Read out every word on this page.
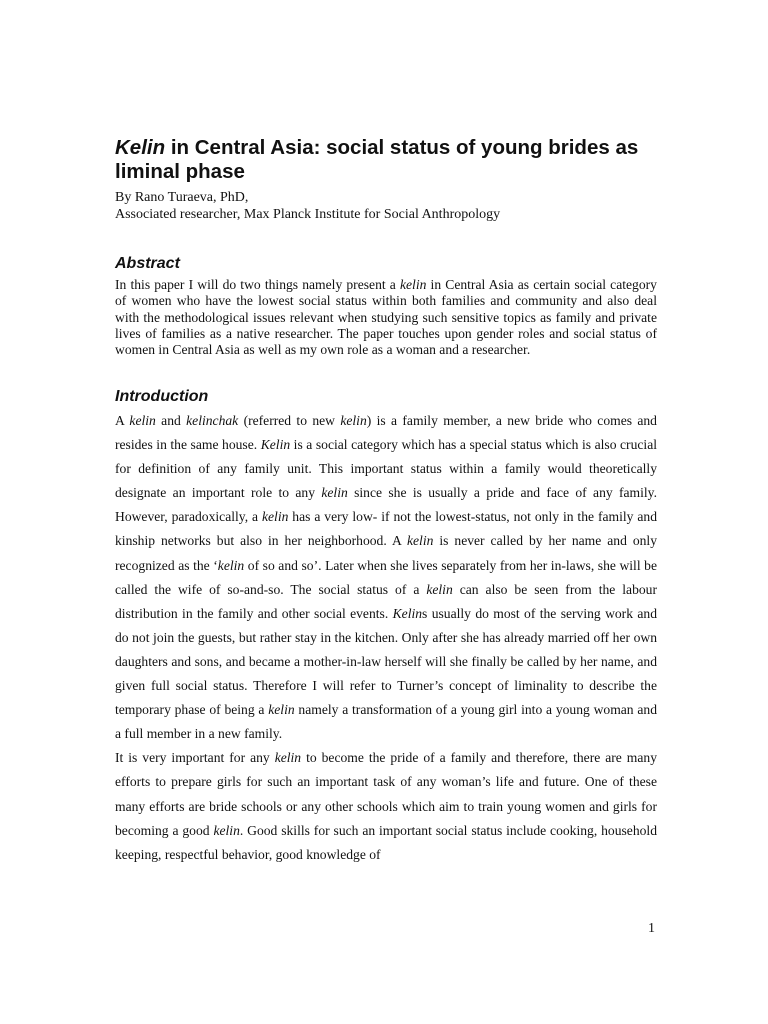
Kelin in Central Asia: social status of young brides as liminal phase
By Rano Turaeva, PhD,
Associated researcher, Max Planck Institute for Social Anthropology
Abstract
In this paper I will do two things namely present a kelin in Central Asia as certain social category of women who have the lowest social status within both families and community and also deal with the methodological issues relevant when studying such sensitive topics as family and private lives of families as a native researcher. The paper touches upon gender roles and social status of women in Central Asia as well as my own role as a woman and a researcher.
Introduction

A kelin and kelinchak (referred to new kelin) is a family member, a new bride who comes and resides in the same house. Kelin is a social category which has a special status which is also crucial for definition of any family unit. This important status within a family would theoretically designate an important role to any kelin since she is usually a pride and face of any family. However, paradoxically, a kelin has a very low- if not the lowest-status, not only in the family and kinship networks but also in her neighborhood. A kelin is never called by her name and only recognized as the ‘kelin of so and so’. Later when she lives separately from her in-laws, she will be called the wife of so-and-so. The social status of a kelin can also be seen from the labour distribution in the family and other social events. Kelins usually do most of the serving work and do not join the guests, but rather stay in the kitchen. Only after she has already married off her own daughters and sons, and became a mother-in-law herself will she finally be called by her name, and given full social status. Therefore I will refer to Turner’s concept of liminality to describe the temporary phase of being a kelin namely a transformation of a young girl into a young woman and a full member in a new family.

It is very important for any kelin to become the pride of a family and therefore, there are many efforts to prepare girls for such an important task of any woman’s life and future. One of these many efforts are bride schools or any other schools which aim to train young women and girls for becoming a good kelin. Good skills for such an important social status include cooking, household keeping, respectful behavior, good knowledge of

1
